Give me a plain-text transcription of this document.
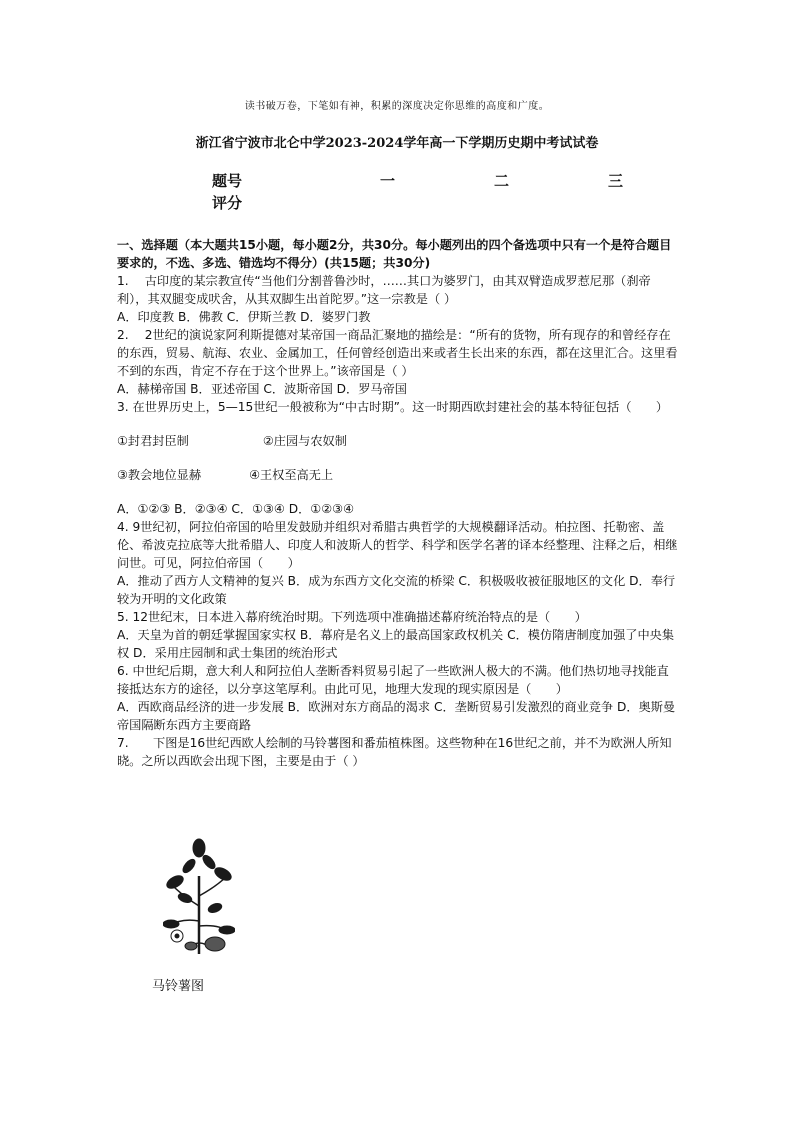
读书破万卷，下笔如有神，积累的深度决定你思维的高度和广度。
浙江省宁波市北仑中学2023-2024学年高一下学期历史期中考试试卷
题号	一	二	三
评分

一、选择题（本大题共15小题，每小题2分，共30分。每小题列出的四个备选项中只有一个是符合题目要求的，不选、多选、错选均不得分）(共15题；共30分)

1.　 古印度的某宗教宣传“当他们分割普鲁沙时，……其口为婆罗门，由其双臂造成罗惹尼那（刹帝利），其双腿变成吠舍，从其双脚生出首陀罗。”这一宗教是（ ）

A．印度教 B．佛教 C．伊斯兰教 D．婆罗门教

2.　 2世纪的演说家阿利斯提德对某帝国一商品汇聚地的描绘是：“所有的货物，所有现存的和曾经存在的东西，贸易、航海、农业、金属加工，任何曾经创造出来或者生长出来的东西，都在这里汇合。这里看不到的东西，肯定不存在于这个世界上。”该帝国是（ ）

A．赫梯帝国 B．亚述帝国 C．波斯帝国 D．罗马帝国

3. 在世界历史上，5—15世纪一般被称为“中古时期”。这一时期西欧封建社会的基本特征包括（　　）

①封君封臣制	②庄园与农奴制

③教会地位显赫	④王权至高无上

A．①②③ B．②③④ C．①③④ D．①②③④

4. 9世纪初，阿拉伯帝国的哈里发鼓励并组织对希腊古典哲学的大规模翻译活动。柏拉图、托勒密、盖伦、希波克拉底等大批希腊人、印度人和波斯人的哲学、科学和医学名著的译本经整理、注释之后，相继问世。可见，阿拉伯帝国（　　）

A．推动了西方人文精神的复兴 B．成为东西方文化交流的桥梁 C．积极吸收被征服地区的文化 D．奉行较为开明的文化政策

5. 12世纪末，日本进入幕府统治时期。下列选项中准确描述幕府统治特点的是（　　）

A．天皇为首的朝廷掌握国家实权 B．幕府是名义上的最高国家政权机关 C．模仿隋唐制度加强了中央集权 D．采用庄园制和武士集团的统治形式

6. 中世纪后期，意大利人和阿拉伯人垄断香料贸易引起了一些欧洲人极大的不满。他们热切地寻找能直接抵达东方的途径，以分享这笔厚利。由此可见，地理大发现的现实原因是（　　）

A．西欧商品经济的进一步发展 B．欧洲对东方商品的渴求 C．垄断贸易引发激烈的商业竞争 D．奥斯曼帝国隔断东西方主要商路

7.　　下图是16世纪西欧人绘制的马铃薯图和番茄植株图。这些物种在16世纪之前，并不为欧洲人所知晓。之所以西欧会出现下图，主要是由于（ ）

马铃薯图
